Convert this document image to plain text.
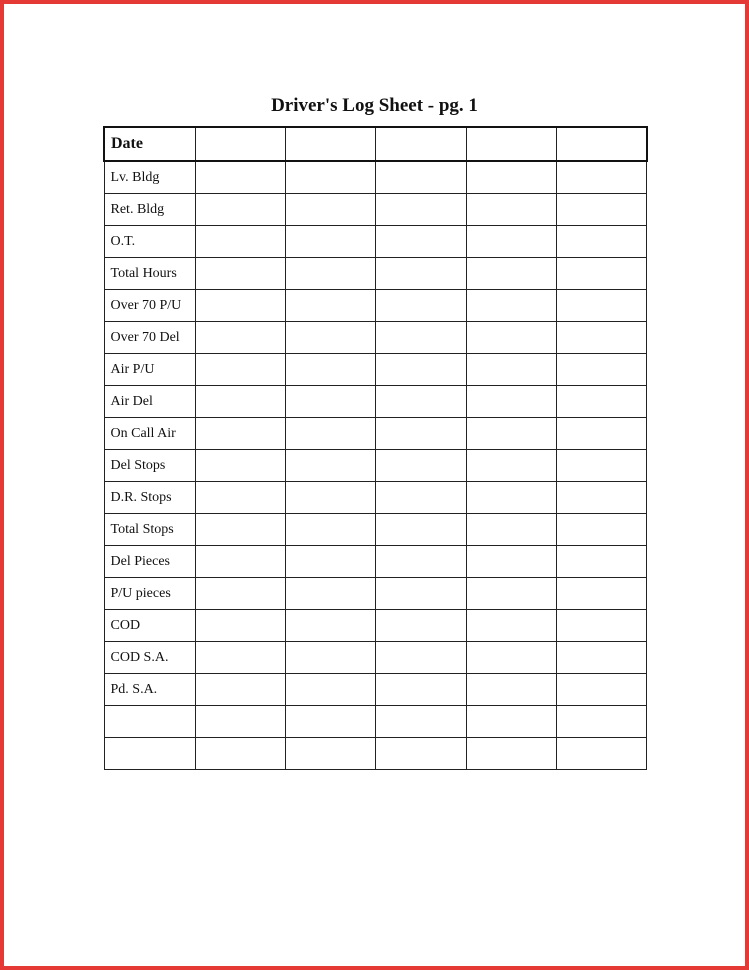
Driver's Log Sheet - pg. 1
Date					
Lv. Bldg					
Ret. Bldg					
O.T.					
Total Hours					
Over 70 P/U					
Over 70 Del					
Air P/U					
Air Del					
On Call Air					
Del Stops					
D.R. Stops					
Total Stops					
Del Pieces					
P/U pieces					
COD					
COD S.A.					
Pd. S.A.					
